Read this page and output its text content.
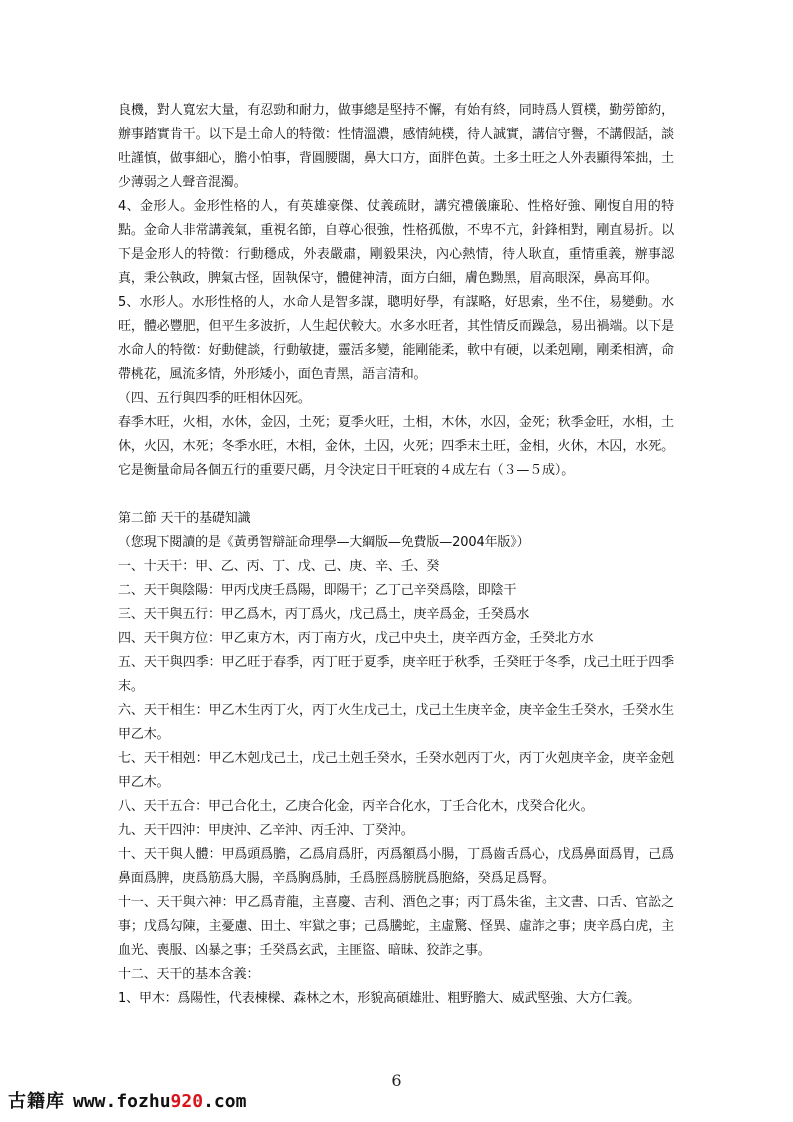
良機，對人寬宏大量，有忍勁和耐力，做事總是堅持不懈，有始有終，同時爲人質樸，勤勞節約，辦事踏實肯干。以下是土命人的特徵：性情溫濃，感情純樸，待人誠實，講信守譽，不講假話，談吐謹慎，做事細心，膽小怕事，背圓腰闊，鼻大口方，面胖色黃。土多土旺之人外表顯得笨拙，土少薄弱之人聲音混濁。

4、金形人。金形性格的人，有英雄豪傑、仗義疏財，講究禮儀廉恥、性格好強、剛愎自用的特點。金命人非常講義氣，重視名節，自尊心很強，性格孤傲，不卑不亢，針鋒相對，剛直易折。以下是金形人的特徵：行動穩成，外表嚴肅，剛毅果決，內心熱情，待人耿直，重情重義，辦事認真，秉公執政，脾氣古怪，固執保守，體健神清，面方白細，膚色黝黑，眉高眼深，鼻高耳仰。

5、水形人。水形性格的人，水命人是智多謀，聰明好學，有謀略，好思索，坐不住，易變動。水旺，體必豐肥，但平生多波折，人生起伏較大。水多水旺者，其性情反而躁急，易出禍端。以下是水命人的特徵：好動健談，行動敏捷，靈活多變，能剛能柔，軟中有硬，以柔剋剛，剛柔相濟，命帶桃花，風流多情，外形矮小，面色青黑，語言清和。

（四、五行與四季的旺相休囚死。

春季木旺，火相，水休，金囚，土死；夏季火旺，土相，木休，水囚，金死；秋季金旺，水相，土休，火囚，木死；冬季水旺，木相，金休，土囚，火死；四季末土旺，金相，火休，木囚，水死。它是衡量命局各個五行的重要尺碼，月令決定日干旺衰的４成左右（３—５成）。

第二節 天干的基礎知識

（您現下閱讀的是《黃勇智辯証命理學—大綱版—免費版—2004年版》）

一、十天干：甲、乙、丙、丁、戊、己、庚、辛、壬、癸

二、天干與陰陽：甲丙戊庚壬爲陽，即陽干；乙丁己辛癸爲陰，即陰干

三、天干與五行：甲乙爲木，丙丁爲火，戊己爲土，庚辛爲金，壬癸爲水

四、天干與方位：甲乙東方木，丙丁南方火，戊己中央土，庚辛西方金，壬癸北方水

五、天干與四季：甲乙旺于春季，丙丁旺于夏季，庚辛旺于秋季，壬癸旺于冬季，戊己土旺于四季末。

六、天干相生：甲乙木生丙丁火，丙丁火生戊己土，戊己土生庚辛金，庚辛金生壬癸水，壬癸水生甲乙木。

七、天干相剋：甲乙木剋戊己土，戊己土剋壬癸水，壬癸水剋丙丁火，丙丁火剋庚辛金，庚辛金剋甲乙木。

八、天干五合：甲己合化土，乙庚合化金，丙辛合化水，丁壬合化木，戊癸合化火。

九、天干四沖：甲庚沖、乙辛沖、丙壬沖、丁癸沖。

十、天干與人體：甲爲頭爲膽，乙爲肩爲肝，丙爲額爲小腸，丁爲齒舌爲心，戊爲鼻面爲胃，己爲鼻面爲脾，庚爲筋爲大腸，辛爲胸爲肺，壬爲脛爲膀胱爲胞絡，癸爲足爲腎。

十一、天干與六神：甲乙爲青龍，主喜慶、吉利、酒色之事；丙丁爲朱雀，主文書、口舌、官訟之事；戊爲勾陳，主憂慮、田土、牢獄之事；己爲騰蛇，主虛驚、怪異、虛詐之事；庚辛爲白虎，主血光、喪服、凶暴之事；壬癸爲玄武，主匪盜、暗昧、狡詐之事。

十二、天干的基本含義：

1、甲木：爲陽性，代表棟樑、森林之木，形貌高碩雄壯、粗野膽大、威武堅強、大方仁義。

6
古籍库 www.fozhu920.com
